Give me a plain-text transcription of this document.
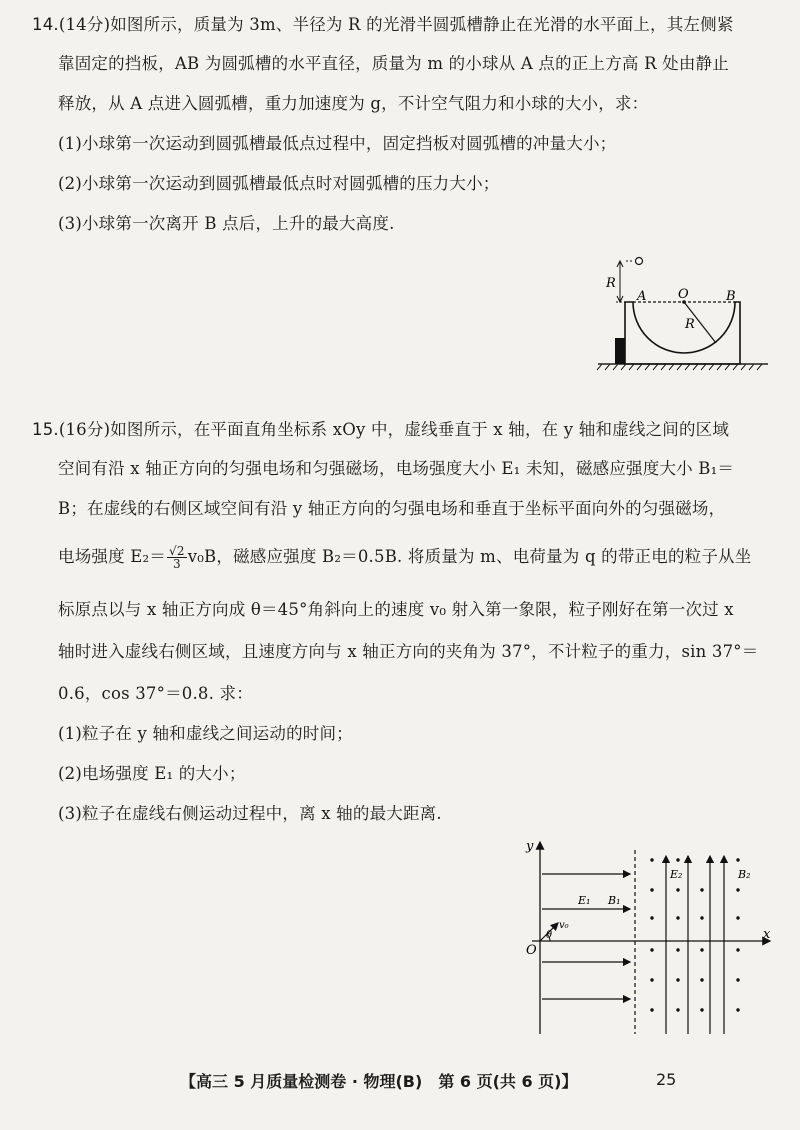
14.(14分)如图所示，质量为 3m、半径为 R 的光滑半圆弧槽静止在光滑的水平面上，其左侧紧
靠固定的挡板，AB 为圆弧槽的水平直径，质量为 m 的小球从 A 点的正上方高 R 处由静止
释放，从 A 点进入圆弧槽，重力加速度为 g，不计空气阻力和小球的大小，求：
(1)小球第一次运动到圆弧槽最低点过程中，固定挡板对圆弧槽的冲量大小；
(2)小球第一次运动到圆弧槽最低点时对圆弧槽的压力大小；
(3)小球第一次离开 B 点后，上升的最大高度.
R
A O	B
R
15.(16分)如图所示，在平面直角坐标系 xOy 中，虚线垂直于 x 轴，在 y 轴和虚线之间的区域
空间有沿 x 轴正方向的匀强电场和匀强磁场，电场强度大小 E₁ 未知，磁感应强度大小 B₁＝
B；在虚线的右侧区域空间有沿 y 轴正方向的匀强电场和垂直于坐标平面向外的匀强磁场，
电场强度 $E_2= \frac{√2}{3} v_0B$，磁感应强度 B₂＝0.5B. 将质量为 m、电荷量为 q 的带正电的粒子从坐
标原点以与 x 轴正方向成 θ＝45°角斜向上的速度 v₀ 射入第一象限，粒子刚好在第一次过 x
轴时进入虚线右侧区域，且速度方向与 x 轴正方向的夹角为 37°，不计粒子的重力，sin 37°＝
0.6，cos 37°＝0.8. 求：
(1)粒子在 y 轴和虚线之间运动的时间；
(2)电场强度 E₁ 的大小；
(3)粒子在虚线右侧运动过程中，离 x 轴的最大距离.
y
x
O
E₁ B₁
v₀
θ
E₂	B₂
【高三 5 月质量检测卷 · 物理(B)　第 6 页(共 6 页)】	25
